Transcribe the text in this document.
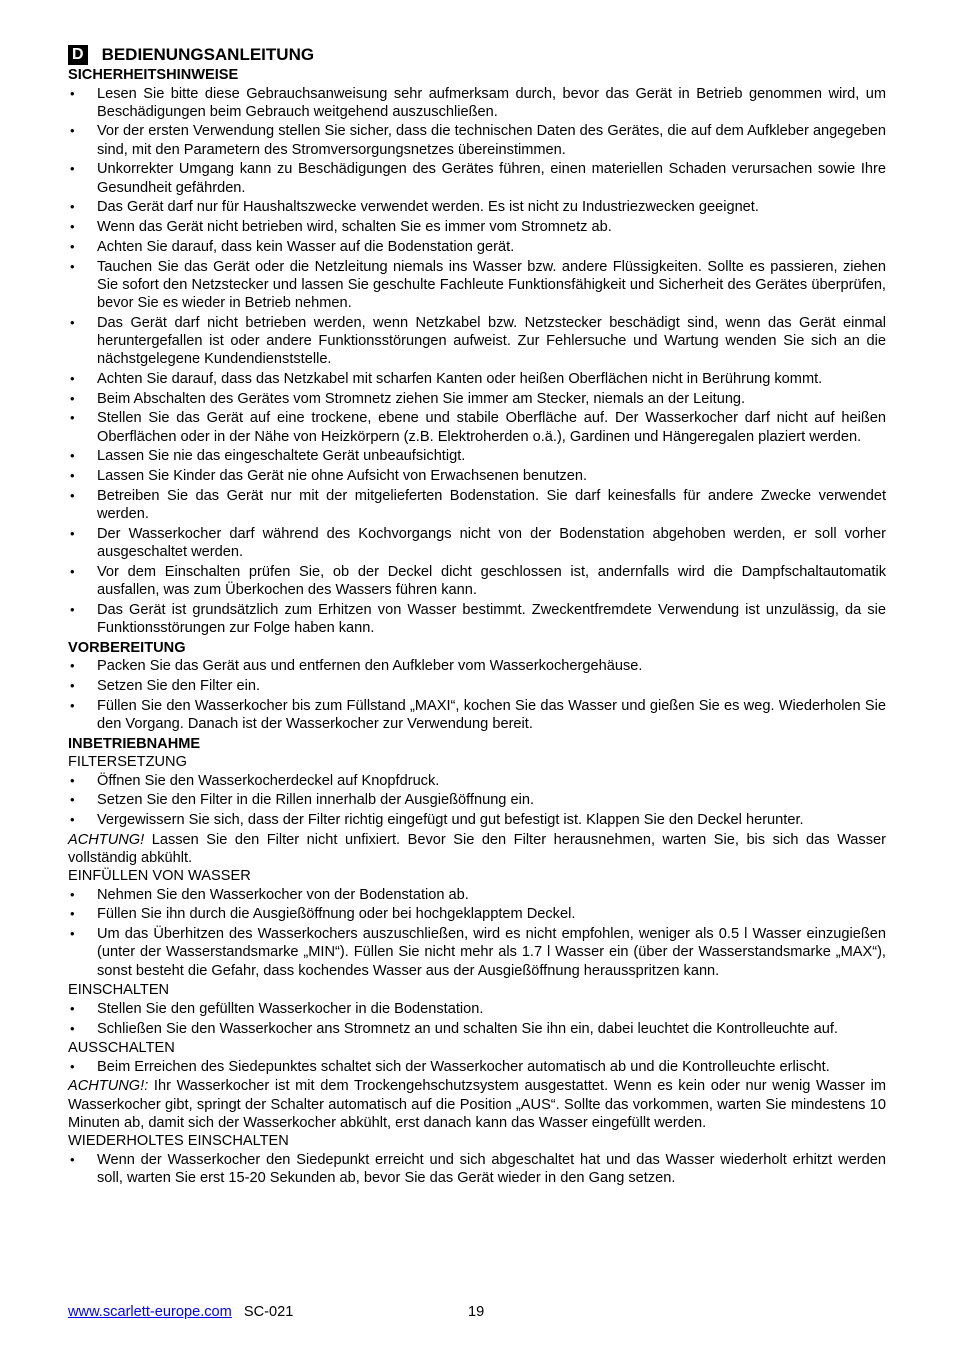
D BEDIENUNGSANLEITUNG
SICHERHEITSHINWEISE
• Lesen Sie bitte diese Gebrauchsanweisung sehr aufmerksam durch, bevor das Gerät in Betrieb genommen wird, um Beschädigungen beim Gebrauch weitgehend auszuschließen.
• Vor der ersten Verwendung stellen Sie sicher, dass die technischen Daten des Gerätes, die auf dem Aufkleber angegeben sind, mit den Parametern des Stromversorgungsnetzes übereinstimmen.
• Unkorrekter Umgang kann zu Beschädigungen des Gerätes führen, einen materiellen Schaden verursachen sowie Ihre Gesundheit gefährden.
• Das Gerät darf nur für Haushaltszwecke verwendet werden. Es ist nicht zu Industriezwecken geeignet.
• Wenn das Gerät nicht betrieben wird, schalten Sie es immer vom Stromnetz ab.
• Achten Sie darauf, dass kein Wasser auf die Bodenstation gerät.
• Tauchen Sie das Gerät oder die Netzleitung niemals ins Wasser bzw. andere Flüssigkeiten. Sollte es passieren, ziehen Sie sofort den Netzstecker und lassen Sie geschulte Fachleute Funktionsfähigkeit und Sicherheit des Gerätes überprüfen, bevor Sie es wieder in Betrieb nehmen.
• Das Gerät darf nicht betrieben werden, wenn Netzkabel bzw. Netzstecker beschädigt sind, wenn das Gerät einmal heruntergefallen ist oder andere Funktionsstörungen aufweist. Zur Fehlersuche und Wartung wenden Sie sich an die nächstgelegene Kundendienststelle.
• Achten Sie darauf, dass das Netzkabel mit scharfen Kanten oder heißen Oberflächen nicht in Berührung kommt.
• Beim Abschalten des Gerätes vom Stromnetz ziehen Sie immer am Stecker, niemals an der Leitung.
• Stellen Sie das Gerät auf eine trockene, ebene und stabile Oberfläche auf. Der Wasserkocher darf nicht auf heißen Oberflächen oder in der Nähe von Heizkörpern (z.B. Elektroherden o.ä.), Gardinen und Hängeregalen plaziert werden.
• Lassen Sie nie das eingeschaltete Gerät unbeaufsichtigt.
• Lassen Sie Kinder das Gerät nie ohne Aufsicht von Erwachsenen benutzen.
• Betreiben Sie das Gerät nur mit der mitgelieferten Bodenstation. Sie darf keinesfalls für andere Zwecke verwendet werden.
• Der Wasserkocher darf während des Kochvorgangs nicht von der Bodenstation abgehoben werden, er soll vorher ausgeschaltet werden.
• Vor dem Einschalten prüfen Sie, ob der Deckel dicht geschlossen ist, andernfalls wird die Dampfschaltautomatik ausfallen, was zum Überkochen des Wassers führen kann.
• Das Gerät ist grundsätzlich zum Erhitzen von Wasser bestimmt. Zweckentfremdete Verwendung ist unzulässig, da sie Funktionsstörungen zur Folge haben kann.
VORBEREITUNG
• Packen Sie das Gerät aus und entfernen den Aufkleber vom Wasserkochergehäuse.
• Setzen Sie den Filter ein.
• Füllen Sie den Wasserkocher bis zum Füllstand „MAXI“, kochen Sie das Wasser und gießen Sie es weg. Wiederholen Sie den Vorgang. Danach ist der Wasserkocher zur Verwendung bereit.
INBETRIEBNAHME
FILTERSETZUNG
• Öffnen Sie den Wasserkocherdeckel auf Knopfdruck.
• Setzen Sie den Filter in die Rillen innerhalb der Ausgießöffnung ein.
• Vergewissern Sie sich, dass der Filter richtig eingefügt und gut befestigt ist. Klappen Sie den Deckel herunter.

ACHTUNG! Lassen Sie den Filter nicht unfixiert. Bevor Sie den Filter herausnehmen, warten Sie, bis sich das Wasser vollständig abkühlt.

EINFÜLLEN VON WASSER
• Nehmen Sie den Wasserkocher von der Bodenstation ab.
• Füllen Sie ihn durch die Ausgießöffnung oder bei hochgeklapptem Deckel.
• Um das Überhitzen des Wasserkochers auszuschließen, wird es nicht empfohlen, weniger als 0.5 l Wasser einzugießen (unter der Wasserstandsmarke „MIN“). Füllen Sie nicht mehr als 1.7 l Wasser ein (über der Wasserstandsmarke „MAX“), sonst besteht die Gefahr, dass kochendes Wasser aus der Ausgießöffnung herausspritzen kann.
EINSCHALTEN
• Stellen Sie den gefüllten Wasserkocher in die Bodenstation.
• Schließen Sie den Wasserkocher ans Stromnetz an und schalten Sie ihn ein, dabei leuchtet die Kontrolleuchte auf.
AUSSCHALTEN
• Beim Erreichen des Siedepunktes schaltet sich der Wasserkocher automatisch ab und die Kontrolleuchte erlischt.

ACHTUNG!: Ihr Wasserkocher ist mit dem Trockengehschutzsystem ausgestattet. Wenn es kein oder nur wenig Wasser im Wasserkocher gibt, springt der Schalter automatisch auf die Position „AUS“. Sollte das vorkommen, warten Sie mindestens 10 Minuten ab, damit sich der Wasserkocher abkühlt, erst danach kann das Wasser eingefüllt werden.

WIEDERHOLTES EINSCHALTEN
• Wenn der Wasserkocher den Siedepunkt erreicht und sich abgeschaltet hat und das Wasser wiederholt erhitzt werden soll, warten Sie erst 15-20 Sekunden ab, bevor Sie das Gerät wieder in den Gang setzen.
www.scarlett-europe.com SC-021	19
